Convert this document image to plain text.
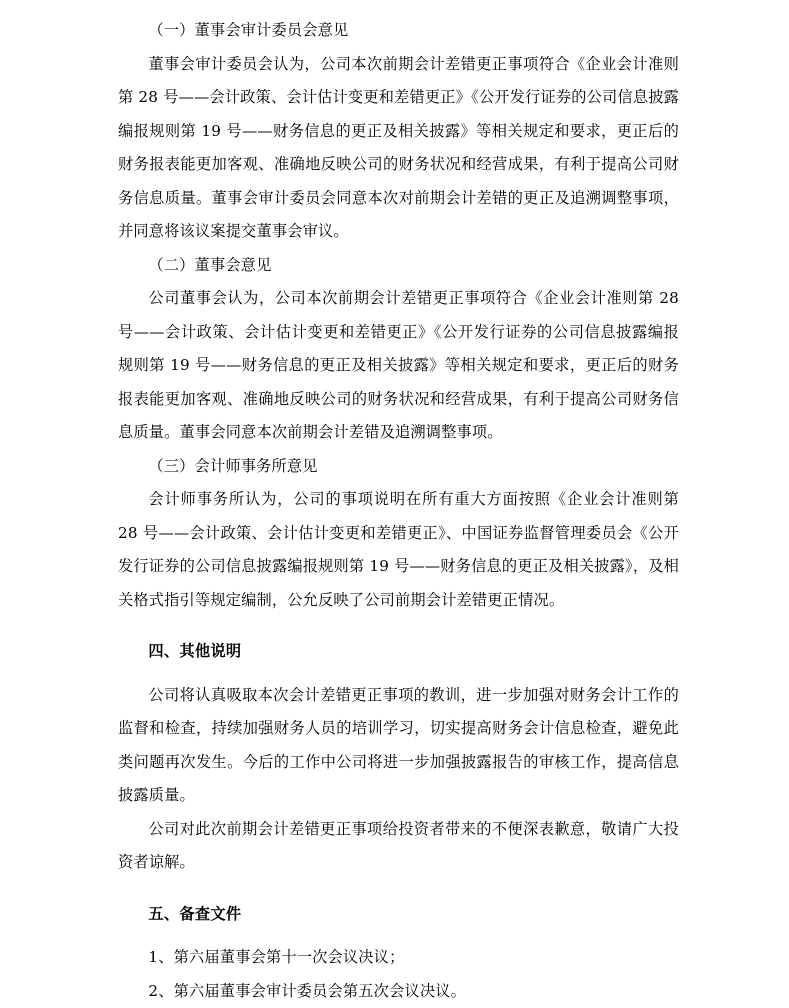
（一）董事会审计委员会意见

董事会审计委员会认为，公司本次前期会计差错更正事项符合《企业会计准则第 28 号——会计政策、会计估计变更和差错更正》《公开发行证券的公司信息披露编报规则第 19 号——财务信息的更正及相关披露》等相关规定和要求，更正后的财务报表能更加客观、准确地反映公司的财务状况和经营成果，有利于提高公司财务信息质量。董事会审计委员会同意本次对前期会计差错的更正及追溯调整事项，并同意将该议案提交董事会审议。

（二）董事会意见

公司董事会认为，公司本次前期会计差错更正事项符合《企业会计准则第 28 号——会计政策、会计估计变更和差错更正》《公开发行证券的公司信息披露编报规则第 19 号——财务信息的更正及相关披露》等相关规定和要求，更正后的财务报表能更加客观、准确地反映公司的财务状况和经营成果，有利于提高公司财务信息质量。董事会同意本次前期会计差错及追溯调整事项。

（三）会计师事务所意见

会计师事务所认为，公司的事项说明在所有重大方面按照《企业会计准则第 28 号——会计政策、会计估计变更和差错更正》、中国证券监督管理委员会《公开发行证券的公司信息披露编报规则第 19 号——财务信息的更正及相关披露》，及相关格式指引等规定编制，公允反映了公司前期会计差错更正情况。

四、其他说明

公司将认真吸取本次会计差错更正事项的教训，进一步加强对财务会计工作的监督和检查，持续加强财务人员的培训学习，切实提高财务会计信息检查，避免此类问题再次发生。今后的工作中公司将进一步加强披露报告的审核工作，提高信息披露质量。

公司对此次前期会计差错更正事项给投资者带来的不便深表歉意，敬请广大投资者谅解。

五、备查文件

1、第六届董事会第十一次会议决议；

2、第六届董事会审计委员会第五次会议决议。
